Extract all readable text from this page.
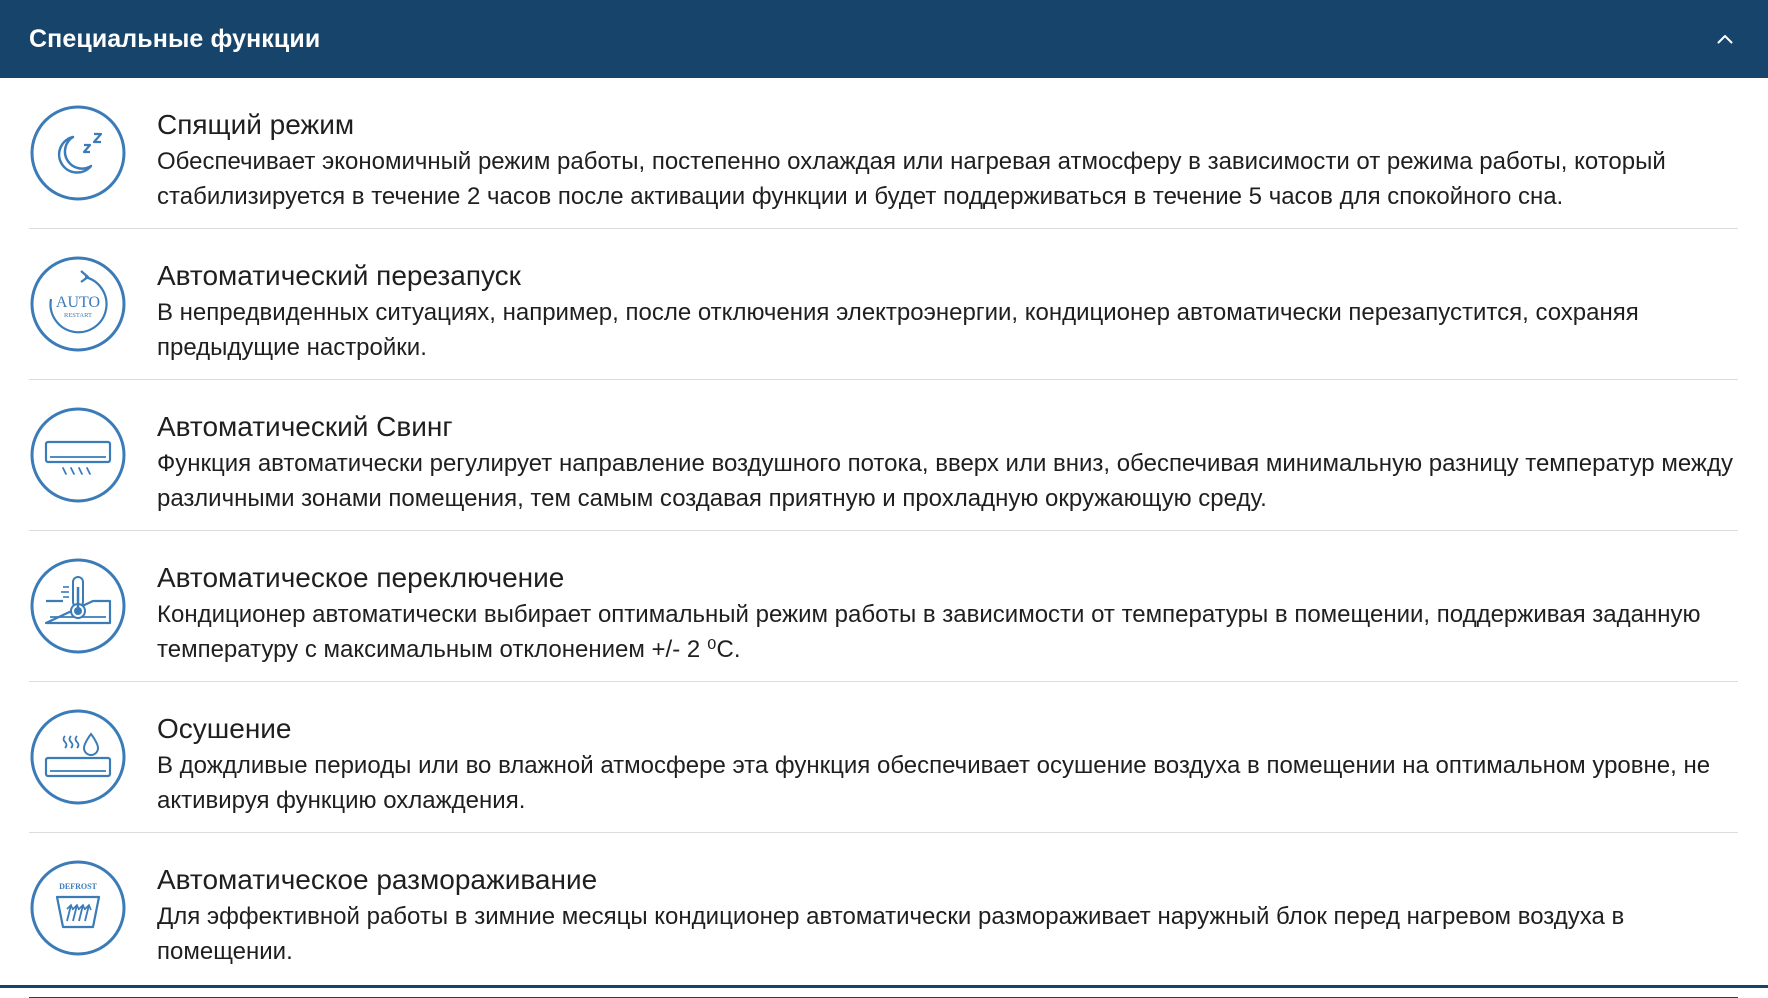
Специальные функции
Спящий режим
Обеспечивает экономичный режим работы, постепенно охлаждая или нагревая атмосферу в зависимости от режима работы, который стабилизируется в течение 2 часов после активации функции и будет поддерживаться в течение 5 часов для спокойного сна.
AUTO
RESTART
Автоматический перезапуск
В непредвиденных ситуациях, например, после отключения электроэнергии, кондиционер автоматически перезапустится, сохраняя предыдущие настройки.
Автоматический Свинг
Функция автоматически регулирует направление воздушного потока, вверх или вниз, обеспечивая минимальную разницу температур между различными зонами помещения, тем самым создавая приятную и прохладную окружающую среду.
Автоматическое переключение
Кондиционер автоматически выбирает оптимальный режим работы в зависимости от температуры в помещении, поддерживая заданную температуру с максимальным отклонением +/- 2 ⁰C.
Осушение
В дождливые периоды или во влажной атмосфере эта функция обеспечивает осушение воздуха в помещении на оптимальном уровне, не активируя функцию охлаждения.
DEFROST Автоматическое размораживание
Для эффективной работы в зимние месяцы кондиционер автоматически размораживает наружный блок перед нагревом воздуха в помещении.
